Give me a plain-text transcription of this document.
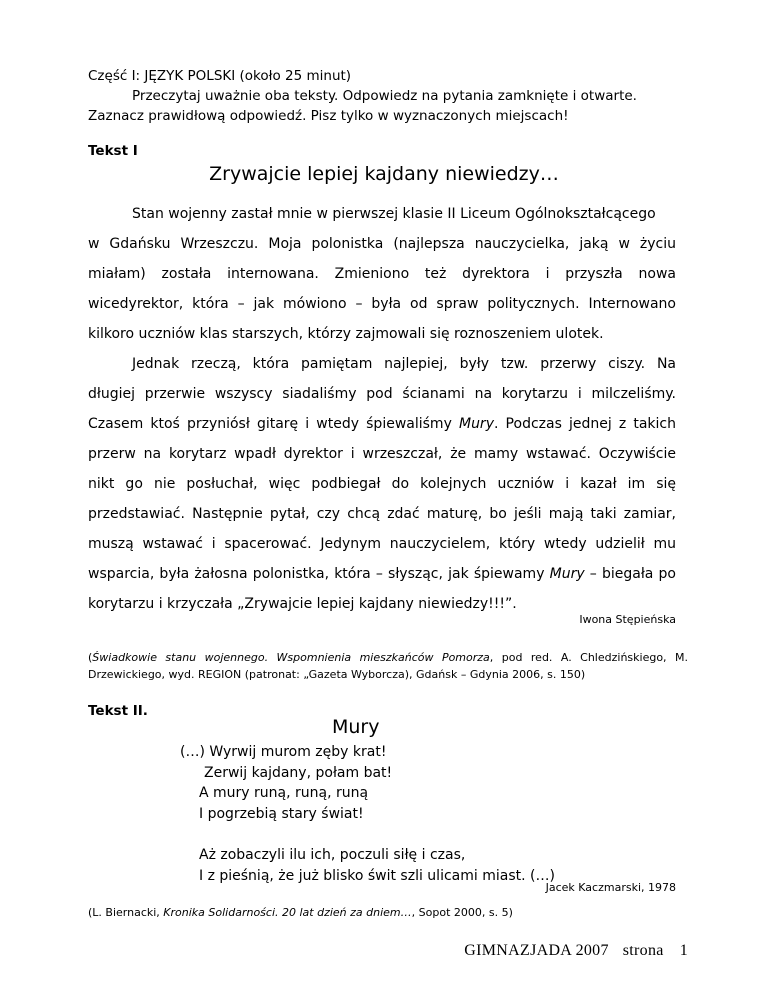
Część I: JĘZYK POLSKI (około 25 minut)
Przeczytaj uważnie oba teksty. Odpowiedz na pytania zamknięte i otwarte.
Zaznacz prawidłową odpowiedź. Pisz tylko w wyznaczonych miejscach!
Tekst I
Zrywajcie lepiej kajdany niewiedzy…
Stan wojenny zastał mnie w pierwszej klasie II Liceum Ogólnokształcącego
w Gdańsku Wrzeszczu. Moja polonistka (najlepsza nauczycielka, jaką w życiu
miałam) została internowana. Zmieniono też dyrektora i przyszła nowa
wicedyrektor, która – jak mówiono – była od spraw politycznych. Internowano
kilkoro uczniów klas starszych, którzy zajmowali się roznoszeniem ulotek.
Jednak rzeczą, która pamiętam najlepiej, były tzw. przerwy ciszy. Na
długiej przerwie wszyscy siadaliśmy pod ścianami na korytarzu i milczeliśmy.
Czasem ktoś przyniósł gitarę i wtedy śpiewaliśmy Mury. Podczas jednej z takich
przerw na korytarz wpadł dyrektor i wrzeszczał, że mamy wstawać. Oczywiście
nikt go nie posłuchał, więc podbiegał do kolejnych uczniów i kazał im się
przedstawiać. Następnie pytał, czy chcą zdać maturę, bo jeśli mają taki zamiar,
muszą wstawać i spacerować. Jedynym nauczycielem, który wtedy udzielił mu
wsparcia, była żałosna polonistka, która – słysząc, jak śpiewamy Mury – biegała po
korytarzu i krzyczała „Zrywajcie lepiej kajdany niewiedzy!!!”.
Iwona Stępieńska
(Świadkowie stanu wojennego. Wspomnienia mieszkańców Pomorza, pod red. A. Chledzińskiego, M. Drzewickiego, wyd. REGION (patronat: „Gazeta Wyborcza), Gdańsk – Gdynia 2006, s. 150)
Tekst II.
Mury
(…) Wyrwij murom zęby krat!
Zerwij kajdany, połam bat!
A mury runą, runą, runą
I pogrzebią stary świat!
Aż zobaczyli ilu ich, poczuli siłę i czas,
I z pieśnią, że już blisko świt szli ulicami miast. (…)
Jacek Kaczmarski, 1978
(L. Biernacki, Kronika Solidarności. 20 lat dzień za dniem…, Sopot 2000, s. 5)
GIMNAZJADA 2007 strona 1
